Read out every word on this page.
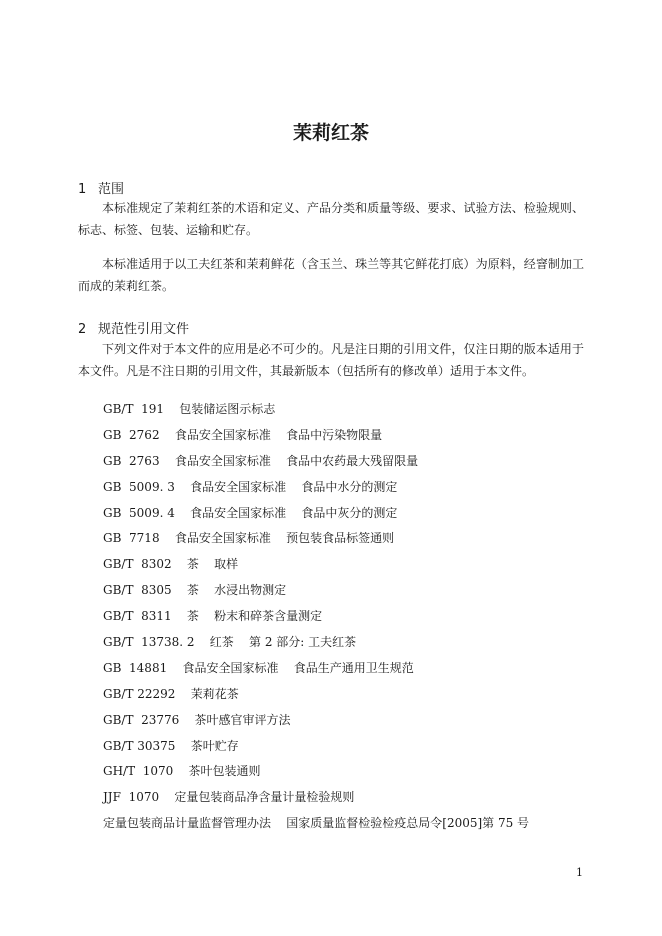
茉莉红茶
1 范围

本标准规定了茉莉红茶的术语和定义、产品分类和质量等级、要求、试验方法、检验规则、标志、标签、包装、运输和贮存。

本标准适用于以工夫红茶和茉莉鲜花（含玉兰、珠兰等其它鲜花打底）为原料，经窨制加工而成的茉莉红茶。

2 规范性引用文件

下列文件对于本文件的应用是必不可少的。凡是注日期的引用文件，仅注日期的版本适用于本文件。凡是不注日期的引用文件，其最新版本（包括所有的修改单）适用于本文件。

GB/T  191    包装储运图示标志
GB  2762    食品安全国家标准    食品中污染物限量
GB  2763    食品安全国家标准    食品中农药最大残留限量
GB  5009. 3    食品安全国家标准    食品中水分的测定
GB  5009. 4    食品安全国家标准    食品中灰分的测定
GB  7718    食品安全国家标准    预包装食品标签通则
GB/T  8302    茶    取样
GB/T  8305    茶    水浸出物测定
GB/T  8311    茶    粉末和碎茶含量测定
GB/T  13738. 2    红茶    第 2 部分: 工夫红茶
GB  14881    食品安全国家标准    食品生产通用卫生规范
GB/T 22292    茉莉花茶
GB/T  23776    茶叶感官审评方法
GB/T 30375    茶叶贮存
GH/T  1070    茶叶包装通则
JJF  1070    定量包装商品净含量计量检验规则
定量包装商品计量监督管理办法    国家质量监督检验检疫总局令[2005]第 75 号
1
